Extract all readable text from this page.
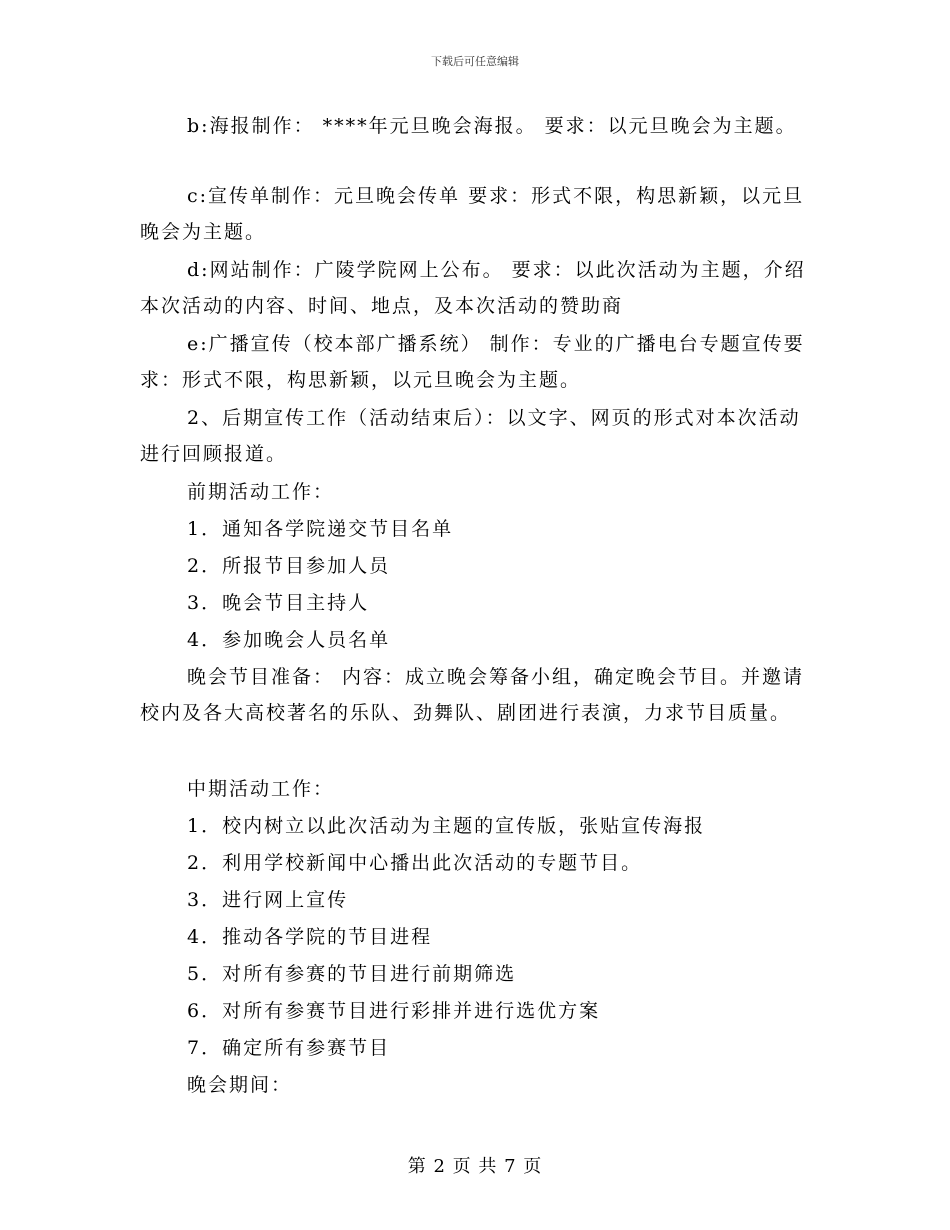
下载后可任意编辑

b:海报制作： ****年元旦晚会海报。 要求：以元旦晚会为主题。

c:宣传单制作：元旦晚会传单 要求：形式不限，构思新颖，以元旦晚会为主题。

d:网站制作：广陵学院网上公布。 要求：以此次活动为主题，介绍本次活动的内容、时间、地点，及本次活动的赞助商

e:广播宣传（校本部广播系统） 制作：专业的广播电台专题宣传要求：形式不限，构思新颖，以元旦晚会为主题。

2、后期宣传工作（活动结束后）：以文字、网页的形式对本次活动进行回顾报道。

前期活动工作：

1．通知各学院递交节目名单

2．所报节目参加人员

3．晚会节目主持人

4．参加晚会人员名单

晚会节目准备： 内容：成立晚会筹备小组，确定晚会节目。并邀请校内及各大高校著名的乐队、劲舞队、剧团进行表演，力求节目质量。

中期活动工作：

1．校内树立以此次活动为主题的宣传版，张贴宣传海报

2．利用学校新闻中心播出此次活动的专题节目。

3．进行网上宣传

4．推动各学院的节目进程

5．对所有参赛的节目进行前期筛选

6．对所有参赛节目进行彩排并进行选优方案

7．确定所有参赛节目

晚会期间：

第 2 页 共 7 页
